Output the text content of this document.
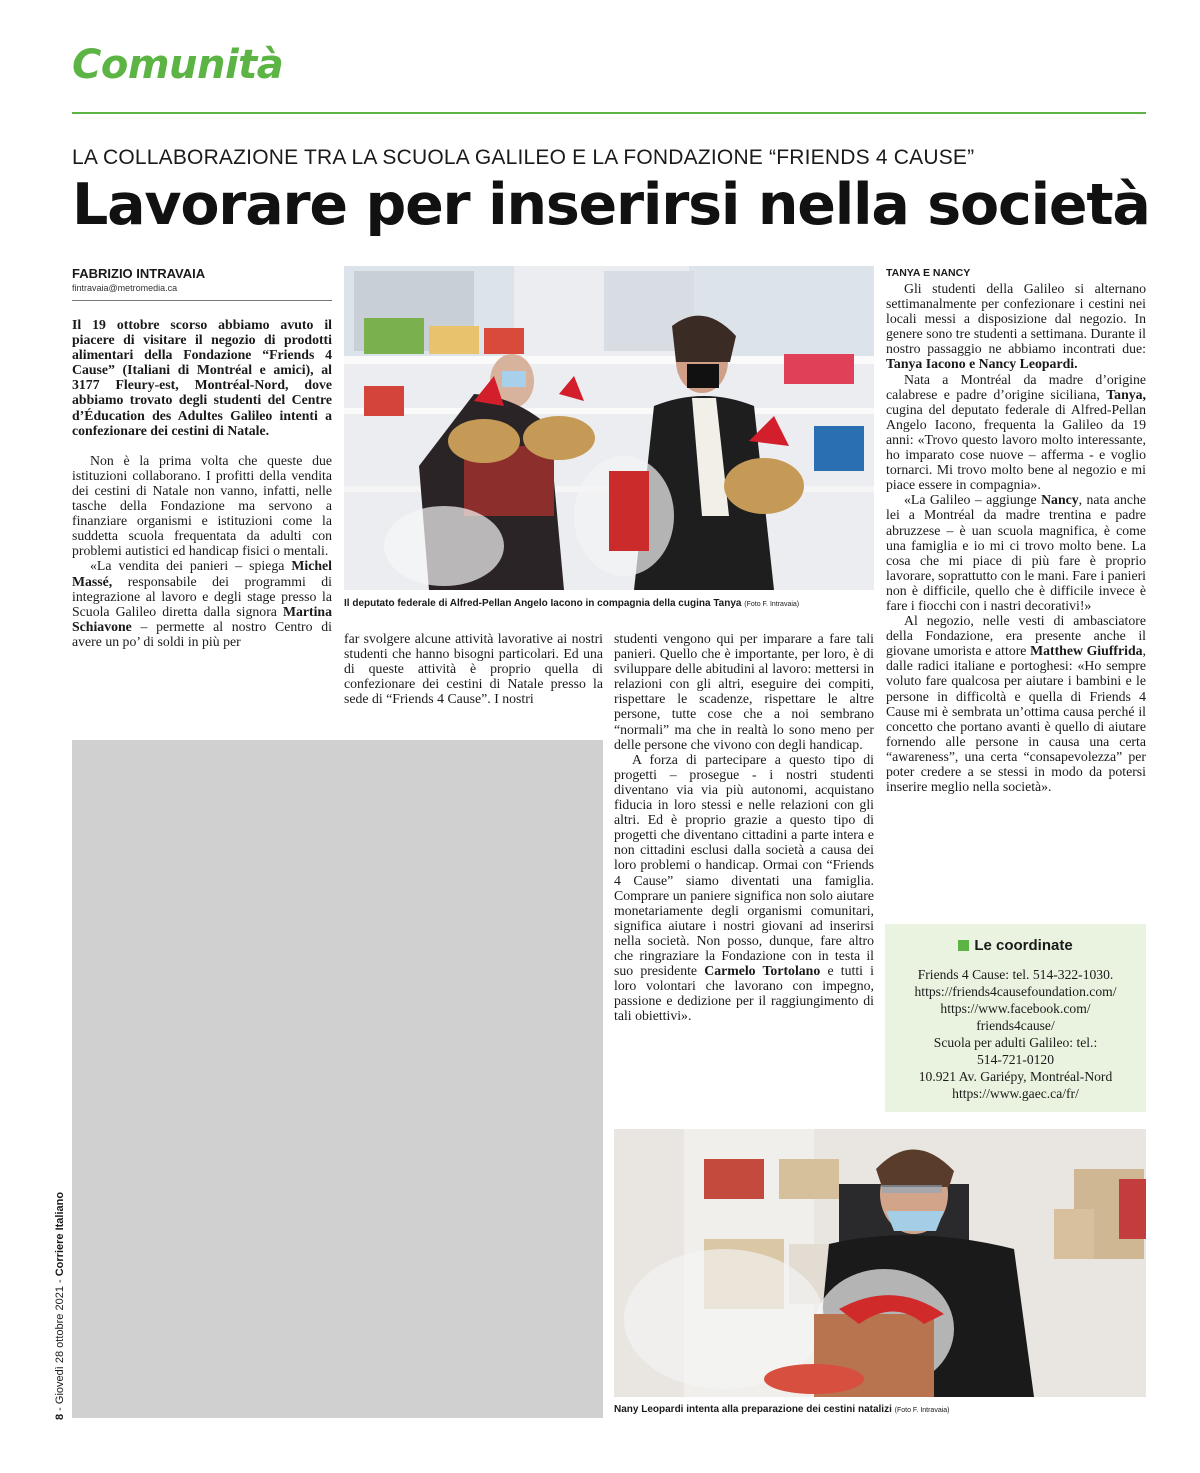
Comunità
LA COLLABORAZIONE TRA LA SCUOLA GALILEO E LA FONDAZIONE “FRIENDS 4 CAUSE”
Lavorare per inserirsi nella società
FABRIZIO INTRAVAIA
fintravaia@metromedia.ca

Il 19 ottobre scorso abbiamo avuto il piacere di visitare il negozio di prodotti alimentari della Fondazione “Friends 4 Cause” (Italiani di Montréal e amici), al 3177 Fleury-est, Montréal-Nord, dove abbiamo trovato degli studenti del Centre d’Éducation des Adultes Galileo intenti a confezionare dei cestini di Natale.

Non è la prima volta che queste due istituzioni collaborano. I profitti della vendita dei cestini di Natale non vanno, infatti, nelle tasche della Fondazione ma servono a finanziare organismi e istituzioni come la suddetta scuola frequentata da adulti con problemi autistici ed handicap fisici o mentali.

«La vendita dei panieri – spiega Michel Massé, responsabile dei programmi di integrazione al lavoro e degli stage presso la Scuola Galileo diretta dalla signora Martina Schiavone – permette al nostro Centro di avere un po’ di soldi in più per

Il deputato federale di Alfred-Pellan Angelo Iacono in compagnia della cugina Tanya (Foto F. Intravaia)

far svolgere alcune attività lavorative ai nostri studenti che hanno bisogni particolari. Ed una di queste attività è proprio quella di confezionare dei cestini di Natale presso la sede di “Friends 4 Cause”. I nostri

studenti vengono qui per imparare a fare tali panieri. Quello che è importante, per loro, è di sviluppare delle abitudini al lavoro: mettersi in relazioni con gli altri, eseguire dei compiti, rispettare le scadenze, rispettare le altre persone, tutte cose che a noi sembrano “normali” ma che in realtà lo sono meno per delle persone che vivono con degli handicap.

A forza di partecipare a questo tipo di progetti – prosegue - i nostri studenti diventano via via più autonomi, acquistano fiducia in loro stessi e nelle relazioni con gli altri. Ed è proprio grazie a questo tipo di progetti che diventano cittadini a parte intera e non cittadini esclusi dalla società a causa dei loro problemi o handicap. Ormai con “Friends 4 Cause” siamo diventati una famiglia. Comprare un paniere significa non solo aiutare monetariamente degli organismi comunitari, significa aiutare i nostri giovani ad inserirsi nella società. Non posso, dunque, fare altro che ringraziare la Fondazione con in testa il suo presidente Carmelo Tortolano e tutti i loro volontari che lavorano con impegno, passione e dedizione per il raggiungimento di tali obiettivi».

TANYA E NANCY

Gli studenti della Galileo si alternano settimanalmente per confezionare i cestini nei locali messi a disposizione dal negozio. In genere sono tre studenti a settimana. Durante il nostro passaggio ne abbiamo incontrati due: Tanya Iacono e Nancy Leopardi.

Nata a Montréal da madre d’origine calabrese e padre d’origine siciliana, Tanya, cugina del deputato federale di Alfred-Pellan Angelo Iacono, frequenta la Galileo da 19 anni: «Trovo questo lavoro molto interessante, ho imparato cose nuove – afferma - e voglio tornarci. Mi trovo molto bene al negozio e mi piace essere in compagnia».

«La Galileo – aggiunge Nancy, nata anche lei a Montréal da madre trentina e padre abruzzese – è uan scuola magnifica, è come una famiglia e io mi ci trovo molto bene. La cosa che mi piace di più fare è proprio lavorare, soprattutto con le mani. Fare i panieri non è difficile, quello che è difficile invece è fare i fiocchi con i nastri decorativi!»

Al negozio, nelle vesti di ambasciatore della Fondazione, era presente anche il giovane umorista e attore Matthew Giuffrida, dalle radici italiane e portoghesi: «Ho sempre voluto fare qualcosa per aiutare i bambini e le persone in difficoltà e quella di Friends 4 Cause mi è sembrata un’ottima causa perché il concetto che portano avanti è quello di aiutare fornendo alle persone in causa una certa “awareness”, una certa “consapevolezza” per poter credere a se stessi in modo da potersi inserire meglio nella società».

Le coordinate
Friends 4 Cause: tel. 514-322-1030.
https://friends4causefoundation.com/
https://www.facebook.com/
friends4cause/
Scuola per adulti Galileo: tel.:
514-721-0120
10.921 Av. Gariépy, Montréal-Nord
https://www.gaec.ca/fr/
Nany Leopardi intenta alla preparazione dei cestini natalizi (Foto F. Intravaia)
8 - Giovedì 28 ottobre 2021 - Corriere Italiano
